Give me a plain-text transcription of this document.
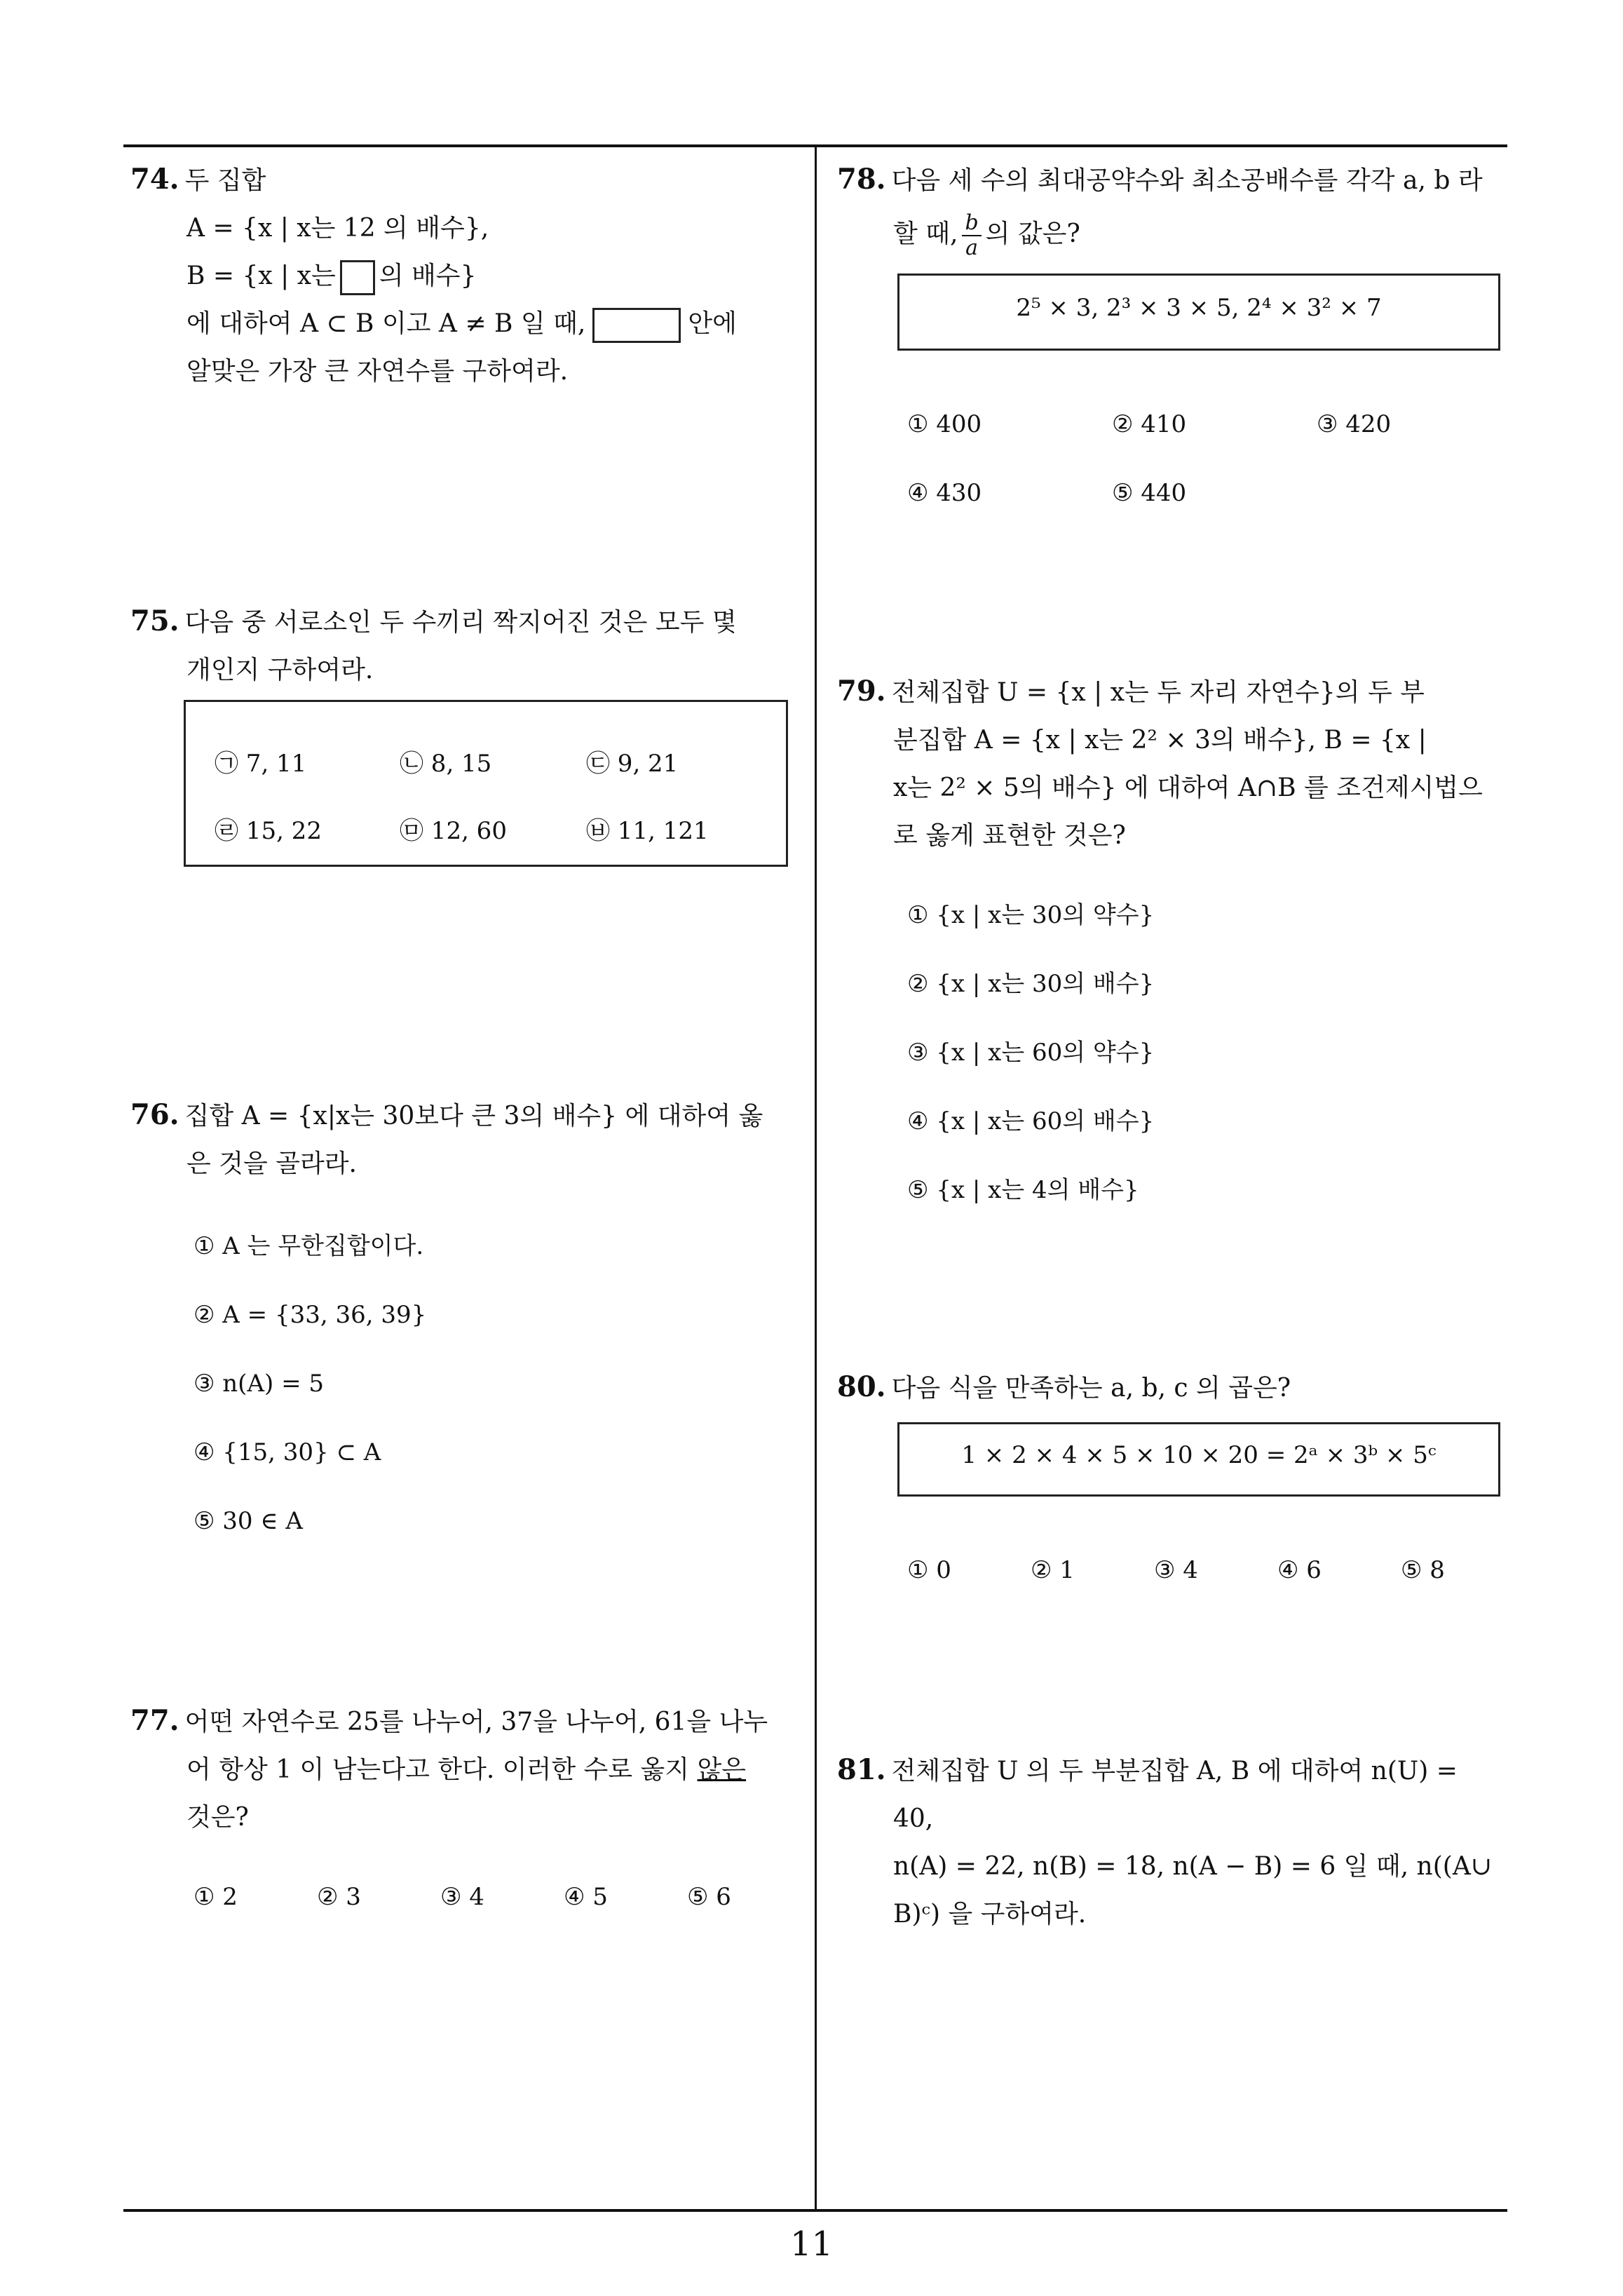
74. 두 집합
A = {x | x는 12 의 배수},
B = {x | x는 의 배수}
에 대하여 A ⊂ B 이고 A ≠ B 일 때,	안에
알맞은 가장 큰 자연수를 구하여라.
75. 다음 중 서로소인 두 수끼리 짝지어진 것은 모두 몇
개인지 구하여라.
㉠ 7, 11	㉡ 8, 15	㉢ 9, 21
㉣ 15, 22	㉤ 12, 60	㉥ 11, 121
76. 집합 A = {x|x는 30보다 큰 3의 배수} 에 대하여 옳
은 것을 골라라.
① A 는 무한집합이다.
② A = {33, 36, 39}
③ n(A) = 5
④ {15, 30} ⊂ A
⑤ 30 ∈ A
77. 어떤 자연수로 25를 나누어, 37을 나누어, 61을 나누
어 항상 1 이 남는다고 한다. 이러한 수로 옳지 않은
것은?
① 2	② 3	③ 4	④ 5	⑤ 6
78. 다음 세 수의 최대공약수와 최소공배수를 각각 a, b 라
할 때, $\frac{b}{a}$ 의 값은?
2⁵ × 3, 2³ × 3 × 5, 2⁴ × 3² × 7
① 400	② 410	③ 420
④ 430	⑤ 440
79. 전체집합 U = {x | x는 두 자리 자연수}의 두 부
분집합 A = {x | x는 2² × 3의 배수}, B = {x |
x는 2² × 5의 배수} 에 대하여 A∩B 를 조건제시법으
로 옳게 표현한 것은?
① {x | x는 30의 약수}
② {x | x는 30의 배수}
③ {x | x는 60의 약수}
④ {x | x는 60의 배수}
⑤ {x | x는 4의 배수}
80. 다음 식을 만족하는 a, b, c 의 곱은?
1 × 2 × 4 × 5 × 10 × 20 = 2ᵃ × 3ᵇ × 5ᶜ
① 0	② 1	③ 4	④ 6	⑤ 8
81. 전체집합 U 의 두 부분집합 A, B 에 대하여 n(U) =
40,
n(A) = 22, n(B) = 18, n(A − B) = 6 일 때, n((A∪
B)ᶜ) 을 구하여라.
11
